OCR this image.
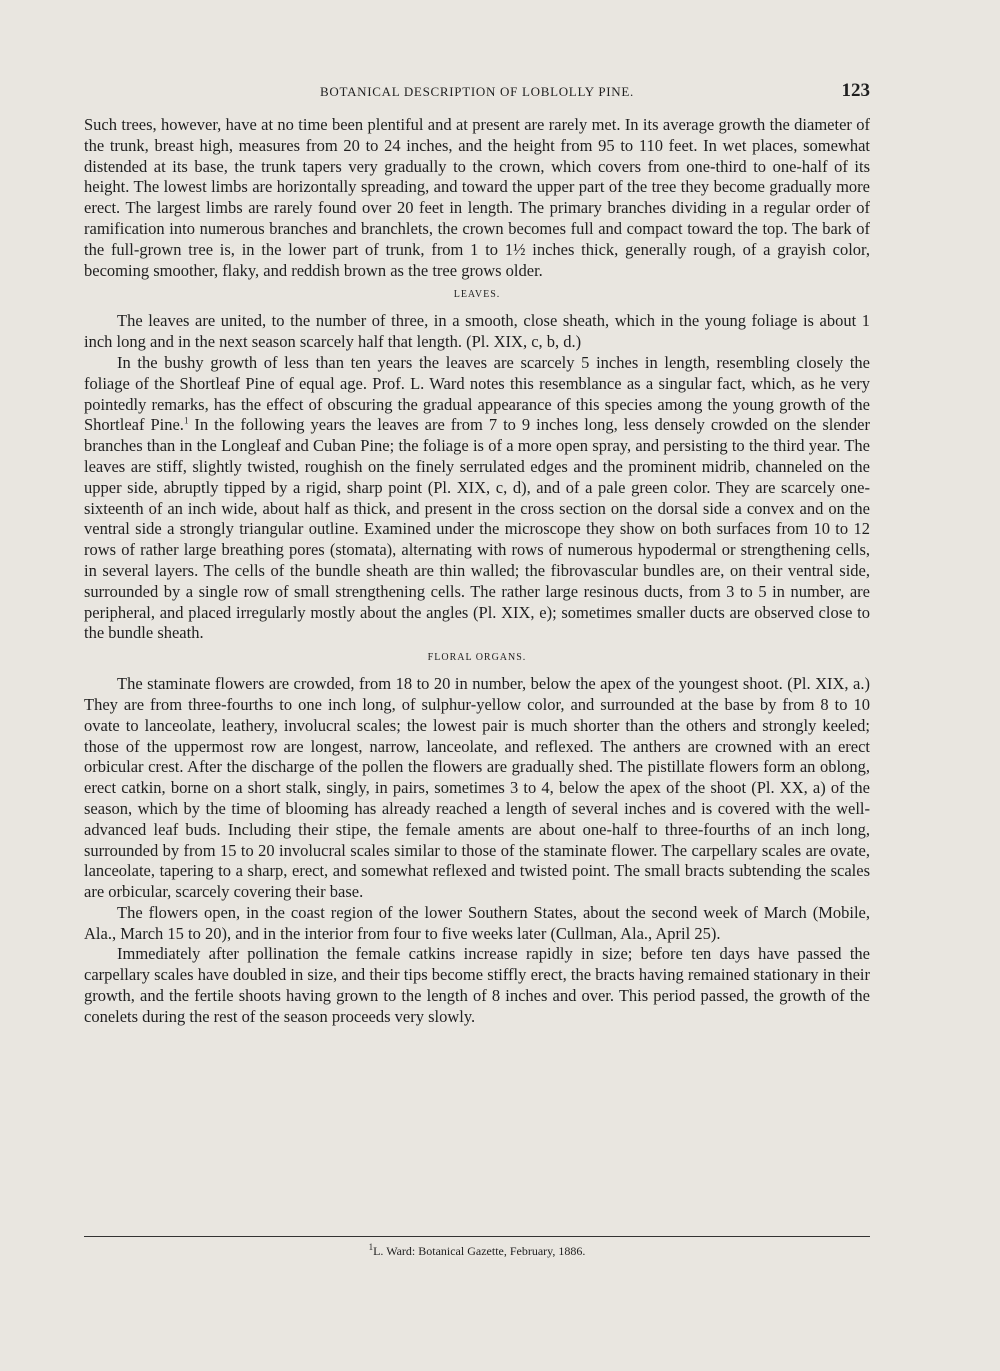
BOTANICAL DESCRIPTION OF LOBLOLLY PINE.	123

Such trees, however, have at no time been plentiful and at present are rarely met. In its average growth the diameter of the trunk, breast high, measures from 20 to 24 inches, and the height from 95 to 110 feet. In wet places, somewhat distended at its base, the trunk tapers very gradually to the crown, which covers from one-third to one-half of its height. The lowest limbs are horizontally spreading, and toward the upper part of the tree they become gradually more erect. The largest limbs are rarely found over 20 feet in length. The primary branches dividing in a regular order of ramification into numerous branches and branchlets, the crown becomes full and compact toward the top. The bark of the full-grown tree is, in the lower part of trunk, from 1 to 1½ inches thick, generally rough, of a grayish color, becoming smoother, flaky, and reddish brown as the tree grows older.

LEAVES.

The leaves are united, to the number of three, in a smooth, close sheath, which in the young foliage is about 1 inch long and in the next season scarcely half that length. (Pl. XIX, c, b, d.)

In the bushy growth of less than ten years the leaves are scarcely 5 inches in length, resembling closely the foliage of the Shortleaf Pine of equal age. Prof. L. Ward notes this resemblance as a singular fact, which, as he very pointedly remarks, has the effect of obscuring the gradual appearance of this species among the young growth of the Shortleaf Pine.$^1$ In the following years the leaves are from 7 to 9 inches long, less densely crowded on the slender branches than in the Longleaf and Cuban Pine; the foliage is of a more open spray, and persisting to the third year. The leaves are stiff, slightly twisted, roughish on the finely serrulated edges and the prominent midrib, channeled on the upper side, abruptly tipped by a rigid, sharp point (Pl. XIX, c, d), and of a pale green color. They are scarcely one-sixteenth of an inch wide, about half as thick, and present in the cross section on the dorsal side a convex and on the ventral side a strongly triangular outline. Examined under the microscope they show on both surfaces from 10 to 12 rows of rather large breathing pores (stomata), alternating with rows of numerous hypodermal or strengthening cells, in several layers. The cells of the bundle sheath are thin walled; the fibrovascular bundles are, on their ventral side, surrounded by a single row of small strengthening cells. The rather large resinous ducts, from 3 to 5 in number, are peripheral, and placed irregularly mostly about the angles (Pl. XIX, e); sometimes smaller ducts are observed close to the bundle sheath.

FLORAL ORGANS.

The staminate flowers are crowded, from 18 to 20 in number, below the apex of the youngest shoot. (Pl. XIX, a.) They are from three-fourths to one inch long, of sulphur-yellow color, and surrounded at the base by from 8 to 10 ovate to lanceolate, leathery, involucral scales; the lowest pair is much shorter than the others and strongly keeled; those of the uppermost row are longest, narrow, lanceolate, and reflexed. The anthers are crowned with an erect orbicular crest. After the discharge of the pollen the flowers are gradually shed. The pistillate flowers form an oblong, erect catkin, borne on a short stalk, singly, in pairs, sometimes 3 to 4, below the apex of the shoot (Pl. XX, a) of the season, which by the time of blooming has already reached a length of several inches and is covered with the well-advanced leaf buds. Including their stipe, the female aments are about one-half to three-fourths of an inch long, surrounded by from 15 to 20 involucral scales similar to those of the staminate flower. The carpellary scales are ovate, lanceolate, tapering to a sharp, erect, and somewhat reflexed and twisted point. The small bracts subtending the scales are orbicular, scarcely covering their base.

The flowers open, in the coast region of the lower Southern States, about the second week of March (Mobile, Ala., March 15 to 20), and in the interior from four to five weeks later (Cullman, Ala., April 25).

Immediately after pollination the female catkins increase rapidly in size; before ten days have passed the carpellary scales have doubled in size, and their tips become stiffly erect, the bracts having remained stationary in their growth, and the fertile shoots having grown to the length of 8 inches and over. This period passed, the growth of the conelets during the rest of the season proceeds very slowly.

$^1$L. Ward: Botanical Gazette, February, 1886.
